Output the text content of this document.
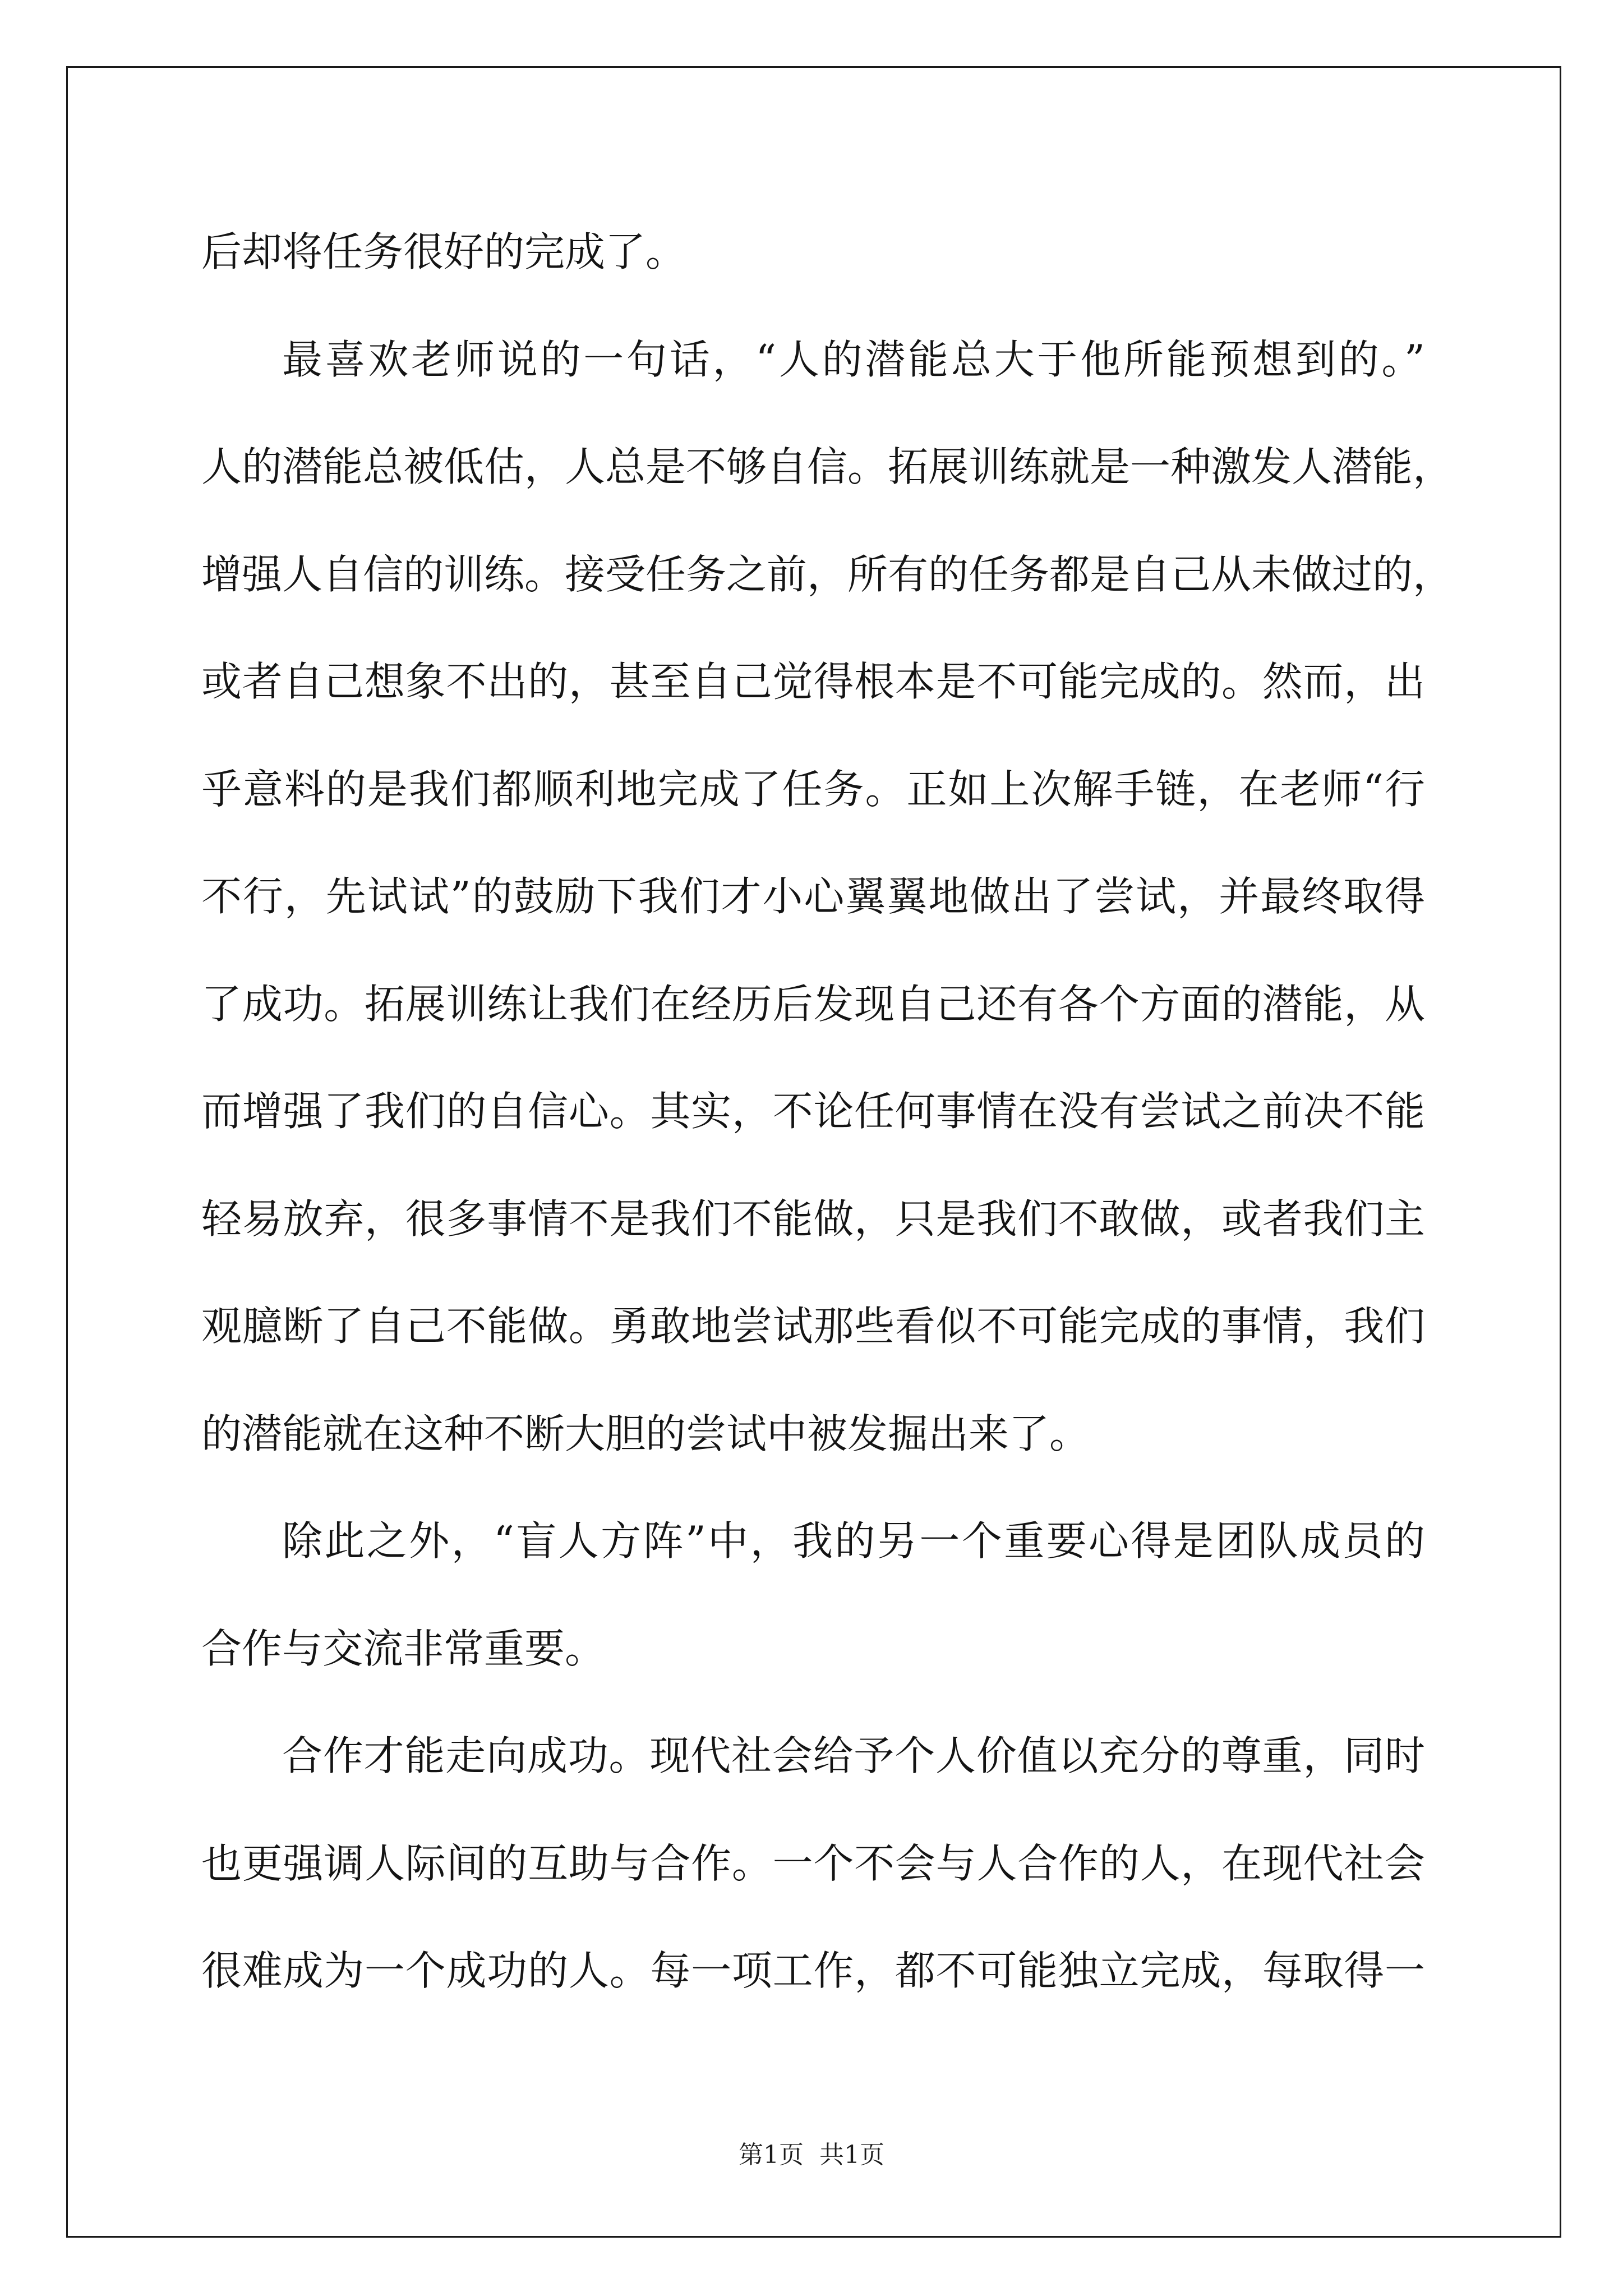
后却将任务很好的完成了。
最喜欢老师说的一句话，“人的潜能总大于他所能预想到的。”
人的潜能总被低估，人总是不够自信。拓展训练就是一种激发人潜能，
增强人自信的训练。接受任务之前，所有的任务都是自己从未做过的，
或者自己想象不出的，甚至自己觉得根本是不可能完成的。然而，出
乎意料的是我们都顺利地完成了任务。正如上次解手链，在老师“行
不行，先试试”的鼓励下我们才小心翼翼地做出了尝试，并最终取得
了成功。拓展训练让我们在经历后发现自己还有各个方面的潜能，从
而增强了我们的自信心。其实，不论任何事情在没有尝试之前决不能
轻易放弃，很多事情不是我们不能做，只是我们不敢做，或者我们主
观臆断了自己不能做。勇敢地尝试那些看似不可能完成的事情，我们
的潜能就在这种不断大胆的尝试中被发掘出来了。
除此之外，“盲人方阵”中，我的另一个重要心得是团队成员的
合作与交流非常重要。
合作才能走向成功。现代社会给予个人价值以充分的尊重，同时
也更强调人际间的互助与合作。一个不会与人合作的人，在现代社会
很难成为一个成功的人。每一项工作，都不可能独立完成，每取得一
第1页  共1页
